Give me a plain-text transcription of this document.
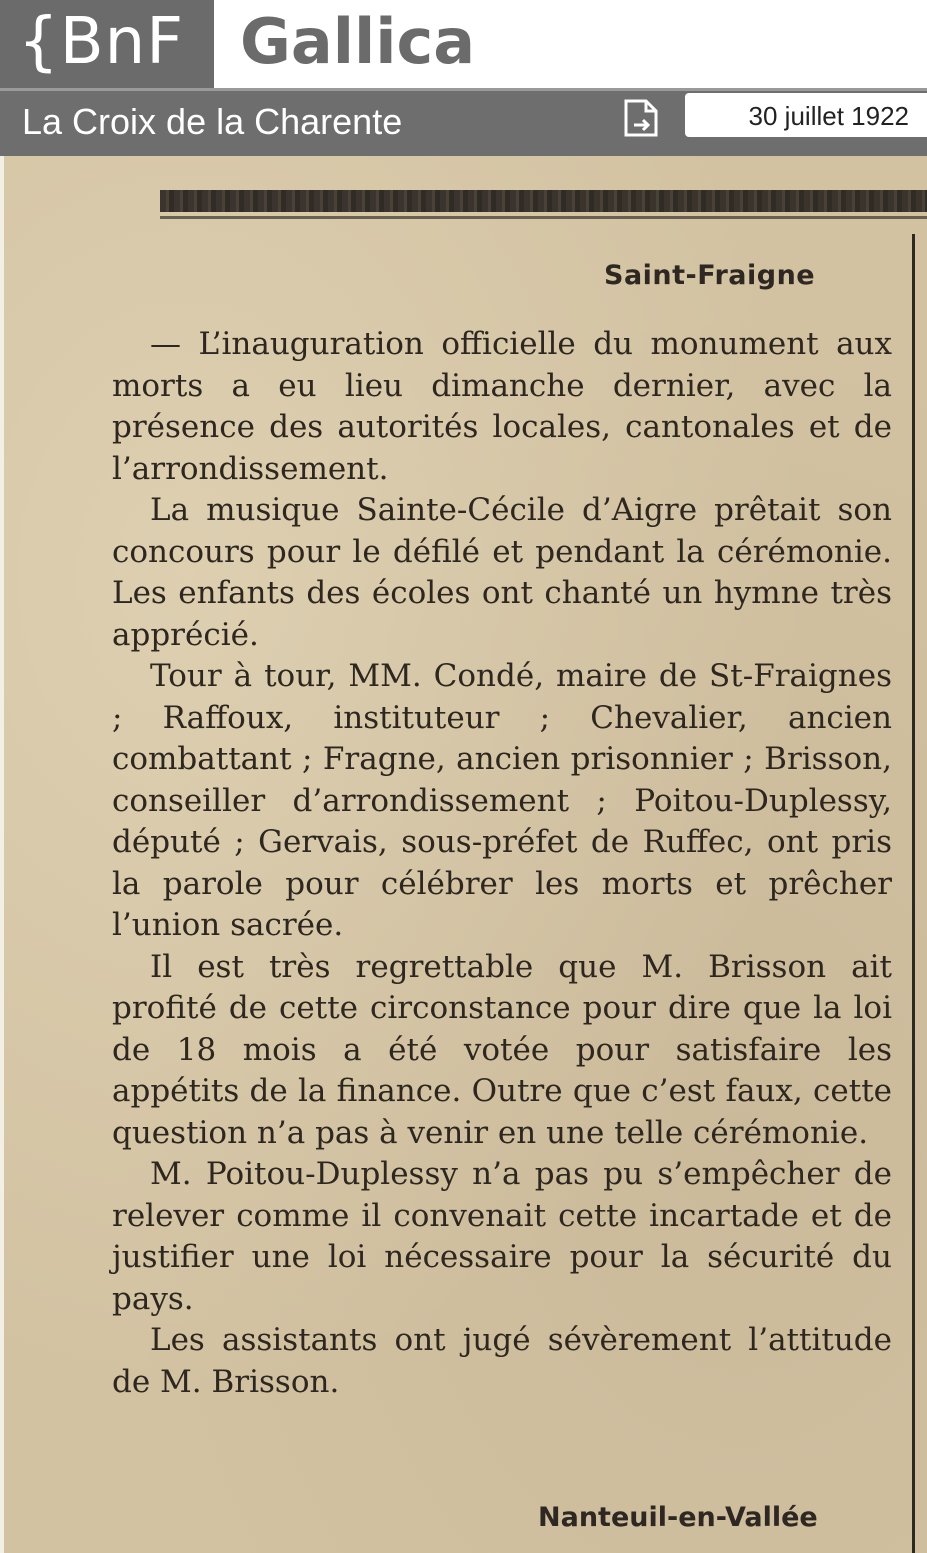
{BnF Gallica
La Croix de la Charente	30 juillet 1922
Saint-Fraigne

— L’inauguration officielle du monument aux morts a eu lieu dimanche dernier, avec la présence des autorités locales, cantonales et de l’arrondissement.

La musique Sainte-Cécile d’Aigre prêtait son concours pour le défilé et pendant la cérémonie. Les enfants des écoles ont chanté un hymne très apprécié.

Tour à tour, MM. Condé, maire de St-Fraignes ; Raffoux, instituteur ; Chevalier, ancien combattant ; Fragne, ancien prisonnier ; Brisson, conseiller d’arrondissement ; Poitou-Duplessy, député ; Gervais, sous-préfet de Ruffec, ont pris la parole pour célébrer les morts et prêcher l’union sacrée.

Il est très regrettable que M. Brisson ait profité de cette circonstance pour dire que la loi de 18 mois a été votée pour satisfaire les appétits de la finance. Outre que c’est faux, cette question n’a pas à venir en une telle cérémonie.

M. Poitou-Duplessy n’a pas pu s’empêcher de relever comme il convenait cette incartade et de justifier une loi nécessaire pour la sécurité du pays.

Les assistants ont jugé sévèrement l’attitude de M. Brisson.

Nanteuil-en-Vallée
